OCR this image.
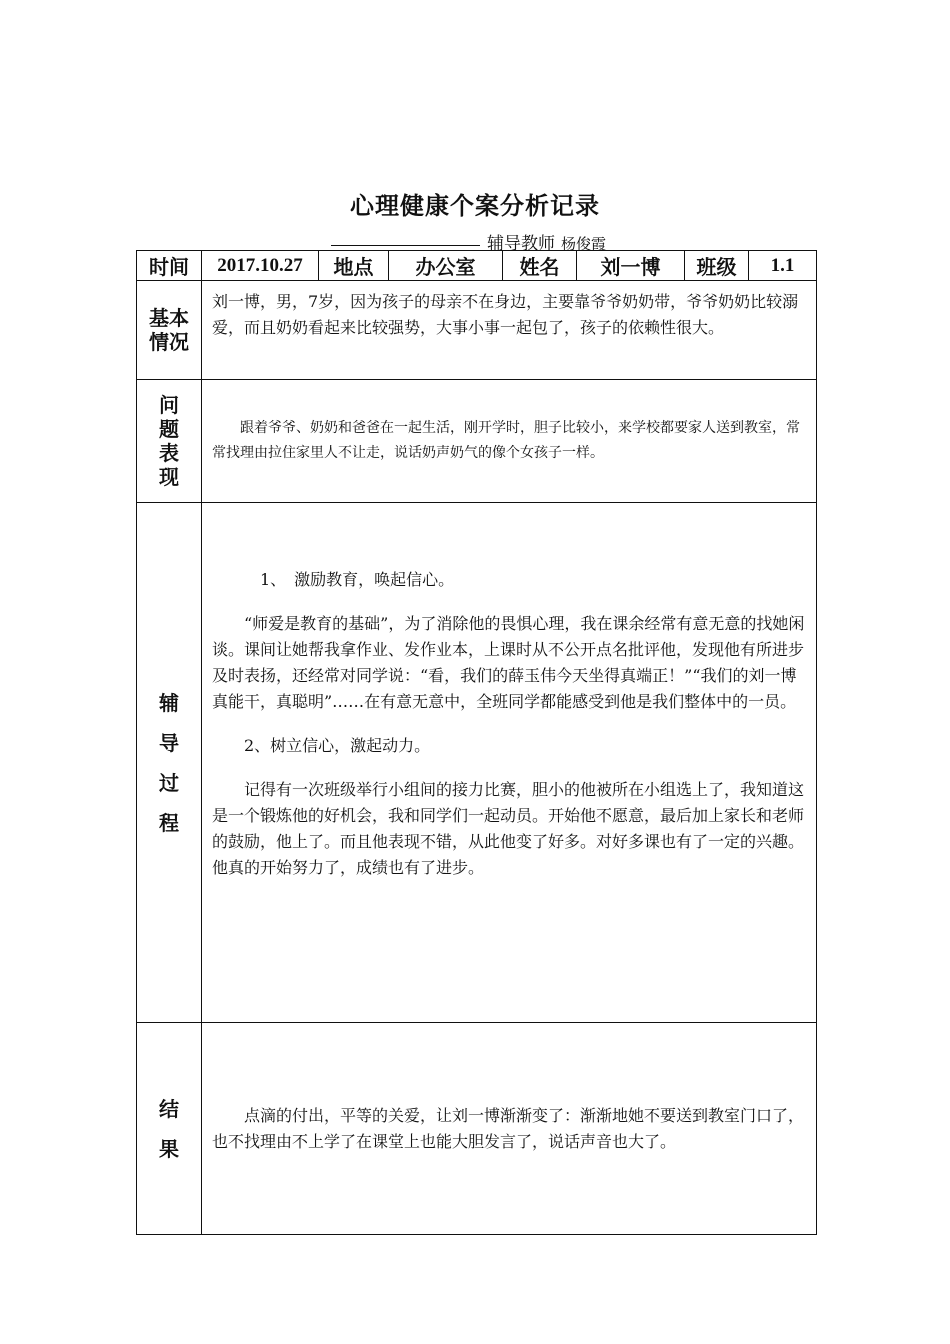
心理健康个案分析记录
辅导教师 杨俊霞
时间	2017.10.27	地点	办公室	姓名	刘一博	班级	1.1

基本情况	刘一博，男，7岁，因为孩子的母亲不在身边，主要靠爷爷奶奶带，爷爷奶奶比较溺爱，而且奶奶看起来比较强势，大事小事一起包了，孩子的依赖性很大。						

问题表现	跟着爷爷、奶奶和爸爸在一起生活，刚开学时，胆子比较小，来学校都要家人送到教室，常常找理由拉住家里人不让走，说话奶声奶气的像个女孩子一样。						

辅导过程	1、　激励教育，唤起信心。

“师爱是教育的基础”，为了消除他的畏惧心理，我在课余经常有意无意的找她闲谈。课间让她帮我拿作业、发作业本，上课时从不公开点名批评他，发现他有所进步及时表扬，还经常对同学说：“看，我们的薛玉伟今天坐得真端正！”“我们的刘一博真能干，真聪明”……在有意无意中，全班同学都能感受到他是我们整体中的一员。

2、树立信心，激起动力。

记得有一次班级举行小组间的接力比赛，胆小的他被所在小组选上了，我知道这是一个锻炼他的好机会，我和同学们一起动员。开始他不愿意，最后加上家长和老师的鼓励，他上了。而且他表现不错，从此他变了好多。对好多课也有了一定的兴趣。他真的开始努力了，成绩也有了进步。						

结果	点滴的付出，平等的关爱，让刘一博渐渐变了：渐渐地她不要送到教室门口了，也不找理由不上学了在课堂上也能大胆发言了，说话声音也大了。						
